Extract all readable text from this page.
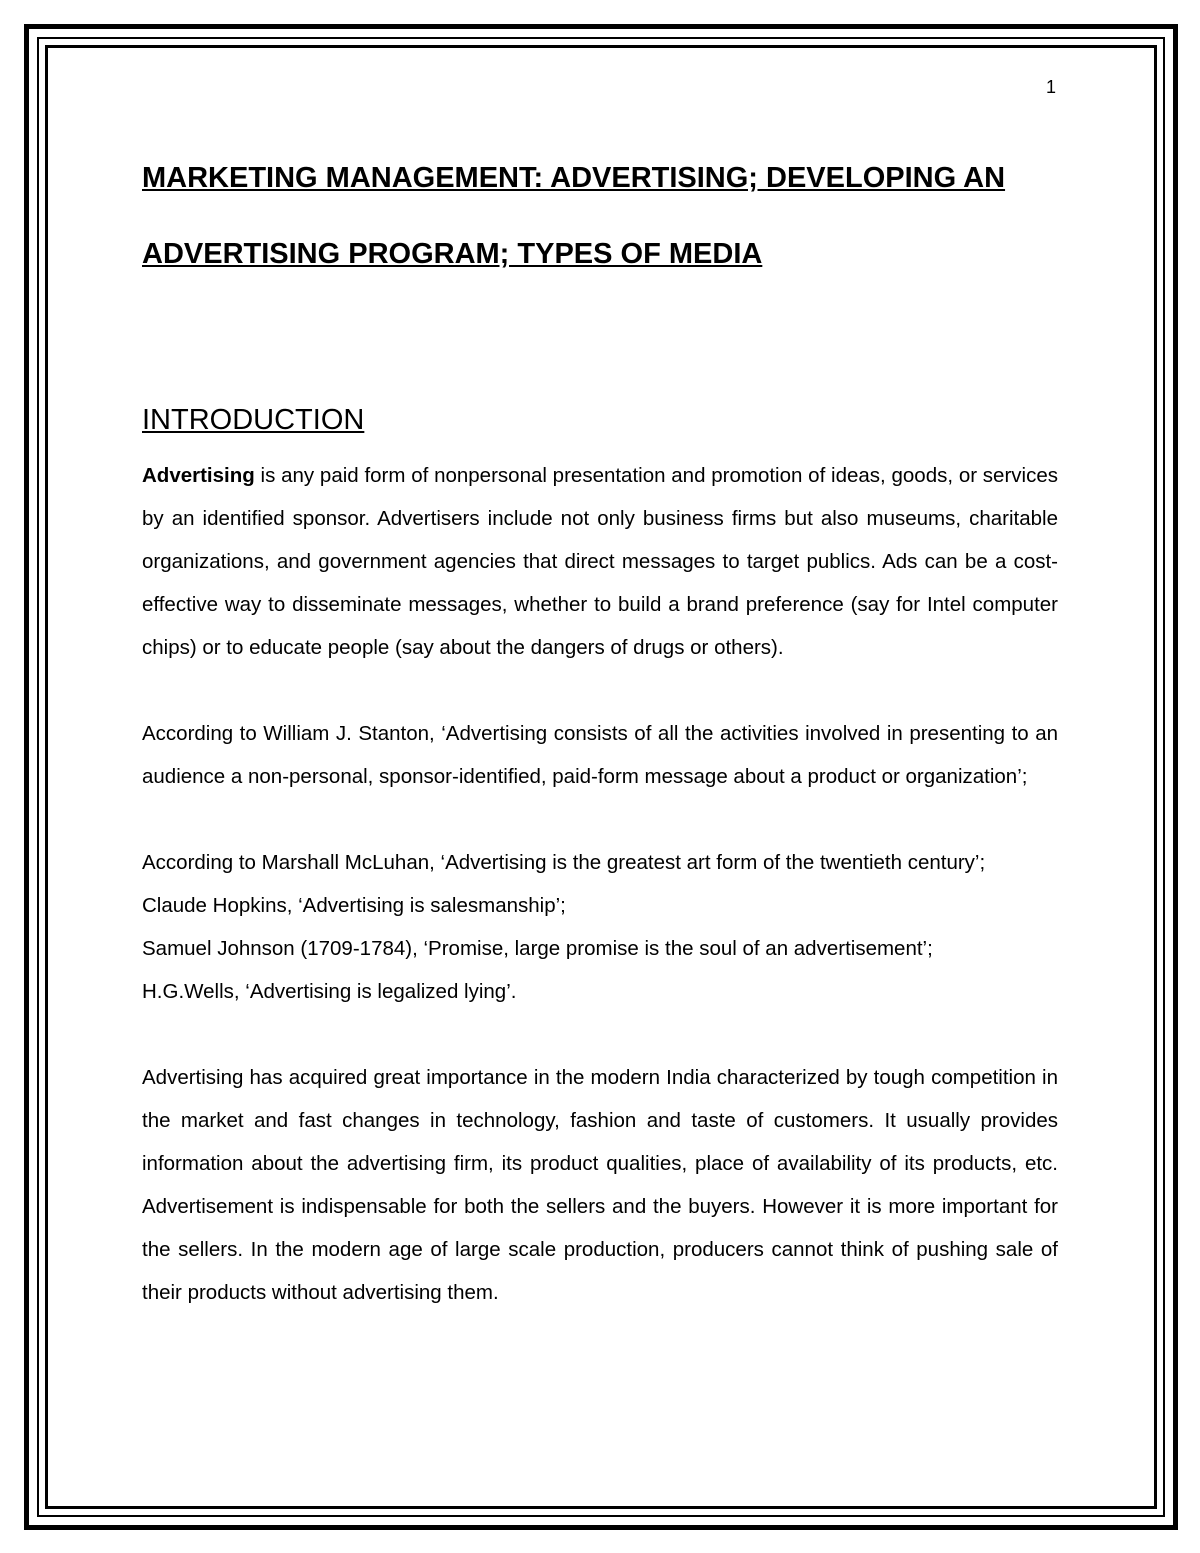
1
MARKETING MANAGEMENT: ADVERTISING; DEVELOPING AN
ADVERTISING PROGRAM; TYPES OF MEDIA
INTRODUCTION

Advertising is any paid form of nonpersonal presentation and promotion of ideas, goods, or services by an identified sponsor. Advertisers include not only business firms but also museums, charitable organizations, and government agencies that direct messages to target publics. Ads can be a cost-effective way to disseminate messages, whether to build a brand preference (say for Intel computer chips) or to educate people (say about the dangers of drugs or others).

According to William J. Stanton, ‘Advertising consists of all the activities involved in presenting to an audience a non-personal, sponsor-identified, paid-form message about a product or organization’;

According to Marshall McLuhan, ‘Advertising is the greatest art form of the twentieth century’;

Claude Hopkins, ‘Advertising is salesmanship’;

Samuel Johnson (1709-1784), ‘Promise, large promise is the soul of an advertisement’;

H.G.Wells, ‘Advertising is legalized lying’.

Advertising has acquired great importance in the modern India characterized by tough competition in the market and fast changes in technology, fashion and taste of customers. It usually provides information about the advertising firm, its product qualities, place of availability of its products, etc. Advertisement is indispensable for both the sellers and the buyers. However it is more important for the sellers. In the modern age of large scale production, producers cannot think of pushing sale of their products without advertising them.
